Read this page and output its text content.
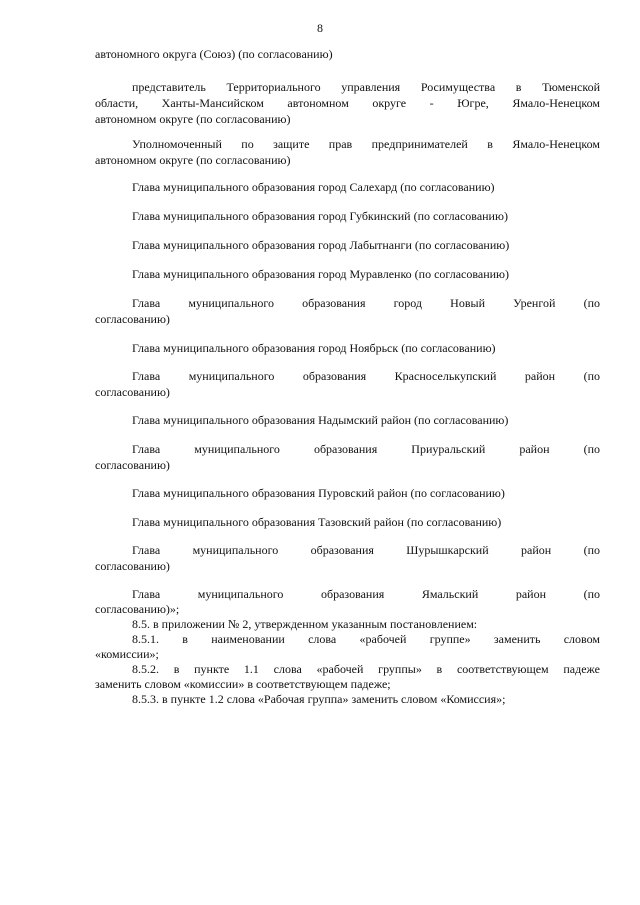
8
автономного округа (Союз) (по согласованию)
представитель Территориального управления Росимущества в Тюменской
области, Ханты-Мансийском автономном округе - Югре, Ямало-Ненецком
автономном округе (по согласованию)
Уполномоченный по защите прав предпринимателей в Ямало-Ненецком
автономном округе (по согласованию)
Глава муниципального образования город Салехард (по согласованию)
Глава муниципального образования город Губкинский (по согласованию)
Глава муниципального образования город Лабытнанги (по согласованию)
Глава муниципального образования город Муравленко (по согласованию)
Глава муниципального образования город Новый Уренгой (по
согласованию)
Глава муниципального образования город Ноябрьск (по согласованию)
Глава муниципального образования Красноселькупский район (по
согласованию)
Глава муниципального образования Надымский район (по согласованию)
Глава муниципального образования Приуральский район (по
согласованию)
Глава муниципального образования Пуровский район (по согласованию)
Глава муниципального образования Тазовский район (по согласованию)
Глава муниципального образования Шурышкарский район (по
согласованию)
Глава муниципального образования Ямальский район (по
согласованию)»;
8.5. в приложении № 2, утвержденном указанным постановлением:
8.5.1. в наименовании слова «рабочей группе» заменить словом
«комиссии»;
8.5.2. в пункте 1.1 слова «рабочей группы» в соответствующем падеже
заменить словом «комиссии» в соответствующем падеже;
8.5.3. в пункте 1.2 слова «Рабочая группа» заменить словом «Комиссия»;
